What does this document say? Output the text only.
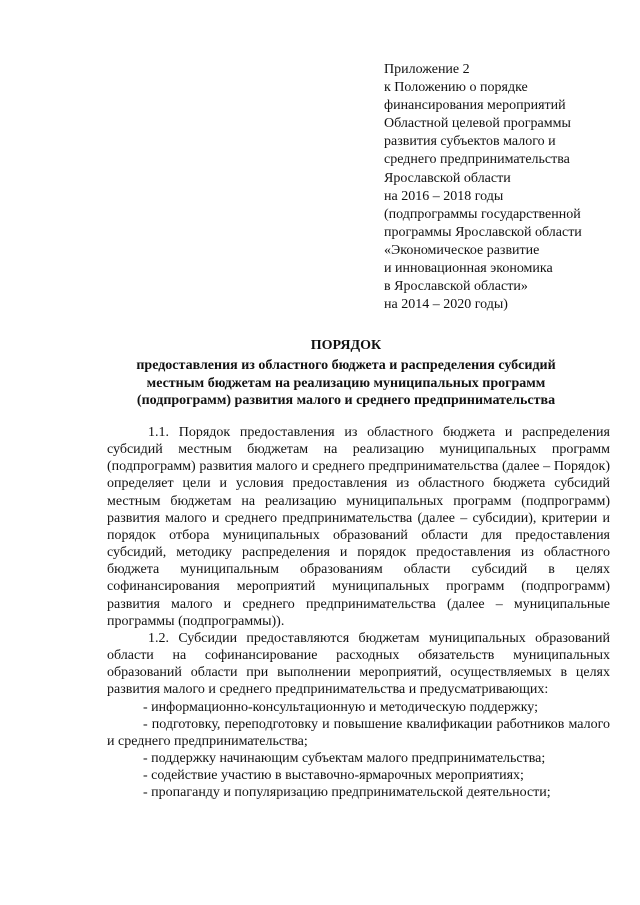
Приложение 2
к Положению о порядке
финансирования мероприятий
Областной целевой программы
развития субъектов малого и
среднего предпринимательства
Ярославской области
на 2016 – 2018 годы
(подпрограммы государственной
программы Ярославской области
«Экономическое развитие
и инновационная экономика
в Ярославской области»
на 2014 – 2020 годы)
ПОРЯДОК
предоставления из областного бюджета и распределения субсидий
местным бюджетам на реализацию муниципальных программ
(подпрограмм) развития малого и среднего предпринимательства

1.1. Порядок предоставления из областного бюджета и распределения субсидий местным бюджетам на реализацию муниципальных программ (подпрограмм) развития малого и среднего предпринимательства (далее – Порядок) определяет цели и условия предоставления из областного бюджета субсидий местным бюджетам на реализацию муниципальных программ (подпрограмм) развития малого и среднего предпринимательства (далее – субсидии), критерии и порядок отбора муниципальных образований области для предоставления субсидий, методику распределения и порядок предоставления из областного бюджета муниципальным образованиям области субсидий в целях софинансирования мероприятий муниципальных программ (подпрограмм) развития малого и среднего предпринимательства (далее – муниципальные программы (подпрограммы)).

1.2. Субсидии предоставляются бюджетам муниципальных образований области на софинансирование расходных обязательств муниципальных образований области при выполнении мероприятий, осуществляемых в целях развития малого и среднего предпринимательства и предусматривающих:

- информационно-консультационную и методическую поддержку;

- подготовку, переподготовку и повышение квалификации работников малого и среднего предпринимательства;

- поддержку начинающим субъектам малого предпринимательства;

- содействие участию в выставочно-ярмарочных мероприятиях;

- пропаганду и популяризацию предпринимательской деятельности;
